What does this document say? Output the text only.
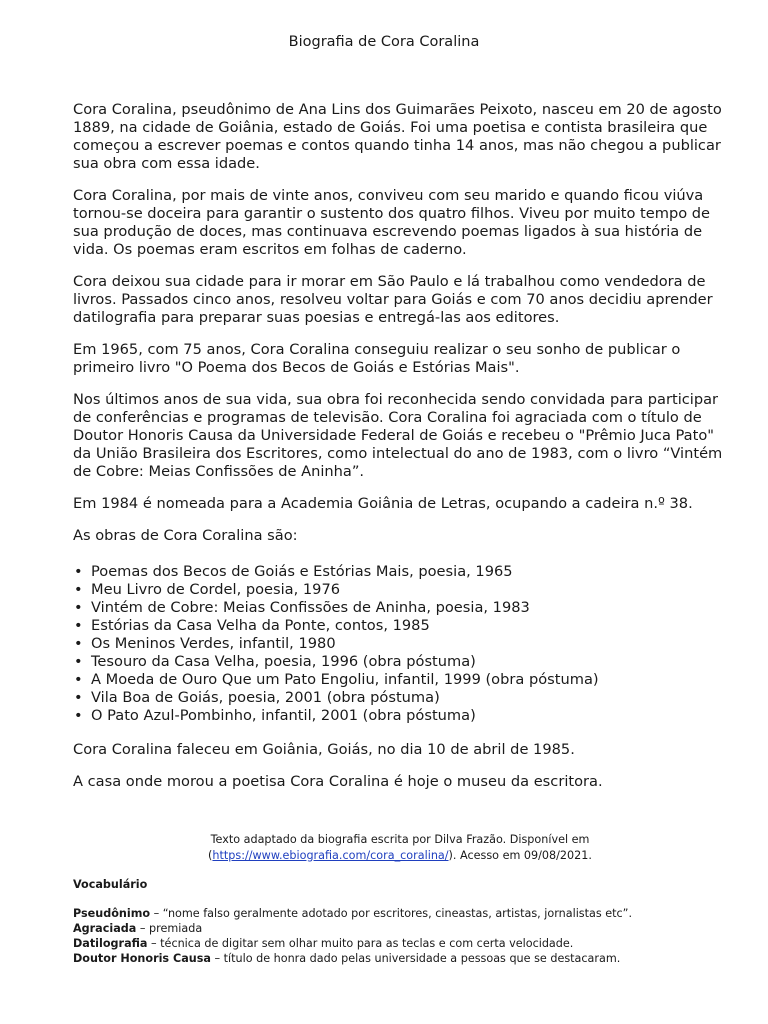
Biografia de Cora Coralina

Cora Coralina, pseudônimo de Ana Lins dos Guimarães Peixoto, nasceu em 20 de agosto 1889, na cidade de Goiânia, estado de Goiás. Foi uma poetisa e contista brasileira que começou a escrever poemas e contos quando tinha 14 anos, mas não chegou a publicar sua obra com essa idade.

Cora Coralina, por mais de vinte anos, conviveu com seu marido e quando ficou viúva tornou-se doceira para garantir o sustento dos quatro filhos. Viveu por muito tempo de sua produção de doces, mas continuava escrevendo poemas ligados à sua história de vida. Os poemas eram escritos em folhas de caderno.

Cora deixou sua cidade para ir morar em São Paulo e lá trabalhou como vendedora de livros. Passados cinco anos, resolveu voltar para Goiás e com 70 anos decidiu aprender datilografia para preparar suas poesias e entregá-las aos editores.

Em 1965, com 75 anos, Cora Coralina conseguiu realizar o seu sonho de publicar o primeiro livro "O Poema dos Becos de Goiás e Estórias Mais".

Nos últimos anos de sua vida, sua obra foi reconhecida sendo convidada para participar de conferências e programas de televisão. Cora Coralina foi agraciada com o título de Doutor Honoris Causa da Universidade Federal de Goiás e recebeu o "Prêmio Juca Pato" da União Brasileira dos Escritores, como intelectual do ano de 1983, com o livro “Vintém de Cobre: Meias Confissões de Aninha”.

Em 1984 é nomeada para a Academia Goiânia de Letras, ocupando a cadeira n.º 38.

As obras de Cora Coralina são:

• Poemas dos Becos de Goiás e Estórias Mais, poesia, 1965
• Meu Livro de Cordel, poesia, 1976
• Vintém de Cobre: Meias Confissões de Aninha, poesia, 1983
• Estórias da Casa Velha da Ponte, contos, 1985
• Os Meninos Verdes, infantil, 1980
• Tesouro da Casa Velha, poesia, 1996 (obra póstuma)
• A Moeda de Ouro Que um Pato Engoliu, infantil, 1999 (obra póstuma)
• Vila Boa de Goiás, poesia, 2001 (obra póstuma)
• O Pato Azul-Pombinho, infantil, 2001 (obra póstuma)

Cora Coralina faleceu em Goiânia, Goiás, no dia 10 de abril de 1985.

A casa onde morou a poetisa Cora Coralina é hoje o museu da escritora.

Texto adaptado da biografia escrita por Dilva Frazão. Disponível em
(https://www.ebiografia.com/cora_coralina/). Acesso em 09/08/2021.
Vocabulário

Pseudônimo – “nome falso geralmente adotado por escritores, cineastas, artistas, jornalistas etc”.

Agraciada – premiada

Datilografia – técnica de digitar sem olhar muito para as teclas e com certa velocidade.

Doutor Honoris Causa – título de honra dado pelas universidade a pessoas que se destacaram.
